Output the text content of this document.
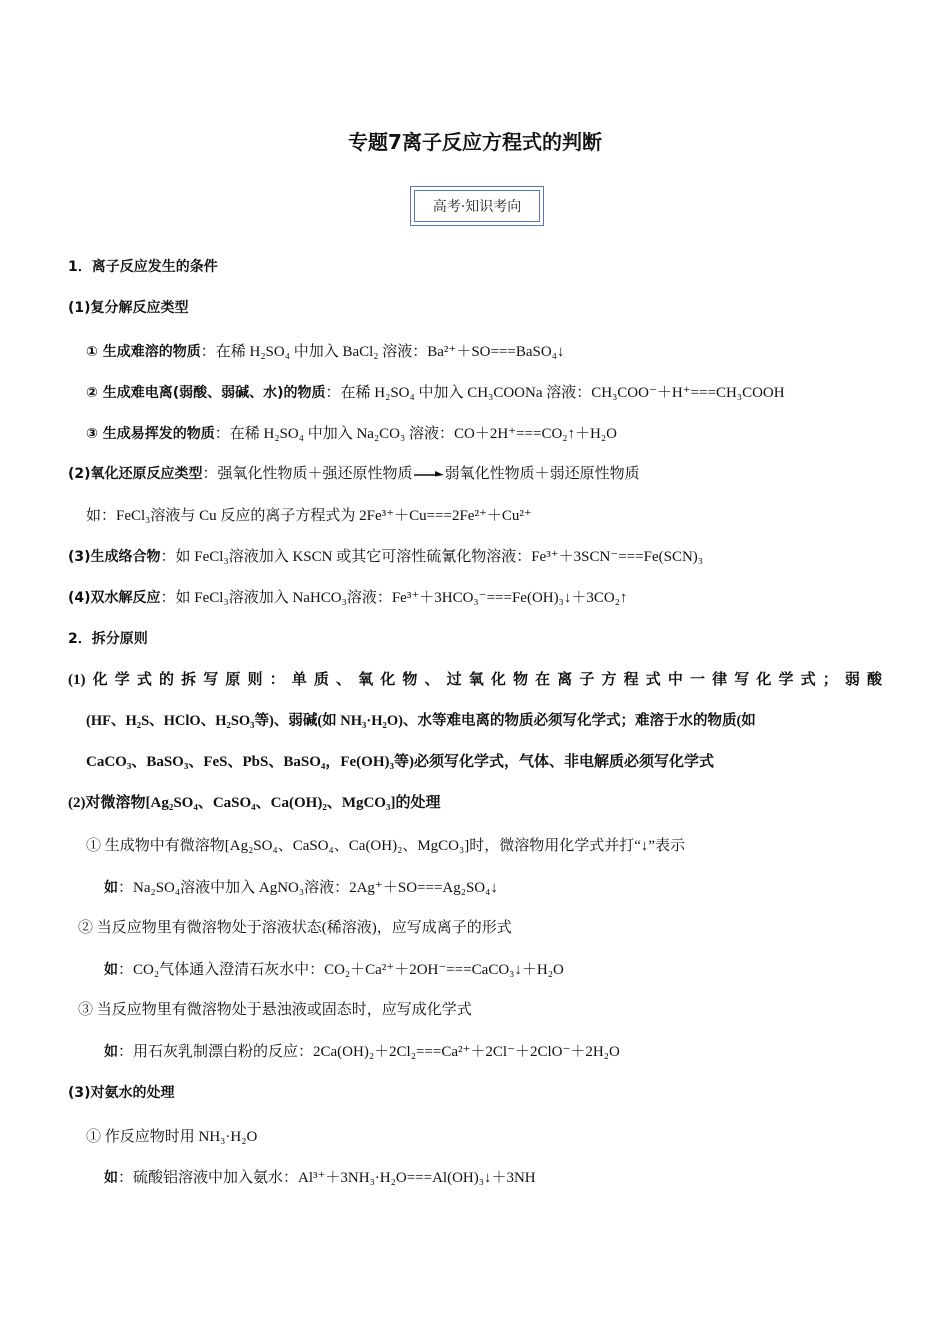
专题7离子反应方程式的判断
高考·知识考向
1．离子反应发生的条件
(1)复分解反应类型
① 生成难溶的物质：在稀 H₂SO₄ 中加入 BaCl₂ 溶液：Ba²⁺＋SO===BaSO₄↓
② 生成难电离(弱酸、弱碱、水)的物质：在稀 H₂SO₄ 中加入 CH₃COONa 溶液：CH₃COO⁻＋H⁺===CH₃COOH
③ 生成易挥发的物质：在稀 H₂SO₄ 中加入 Na₂CO₃ 溶液：CO＋2H⁺===CO₂↑＋H₂O
(2)氧化还原反应类型：强氧化性物质＋强还原性物质→弱氧化性物质＋弱还原性物质
如：FeCl₃溶液与 Cu 反应的离子方程式为 2Fe³⁺＋Cu===2Fe²⁺＋Cu²⁺
(3)生成络合物：如 FeCl₃溶液加入 KSCN 或其它可溶性硫氰化物溶液：Fe³⁺＋3SCN⁻===Fe(SCN)₃
(4)双水解反应：如 FeCl₃溶液加入 NaHCO₃溶液：Fe³⁺＋3HCO₃⁻===Fe(OH)₃↓＋3CO₂↑
2．拆分原则
(1) 化 学 式 的 拆 写 原 则 ： 单 质 、 氧 化 物 、 过 氧 化 物 在 离 子 方 程 式 中 一 律 写 化 学 式 ； 弱 酸
(HF、H₂S、HClO、H₂SO₃等)、弱碱(如 NH₃·H₂O)、水等难电离的物质必须写化学式；难溶于水的物质(如
CaCO₃、BaSO₃、FeS、PbS、BaSO₄，Fe(OH)₃等)必须写化学式，气体、非电解质必须写化学式
(2)对微溶物[Ag₂SO₄、CaSO₄、Ca(OH)₂、MgCO₃]的处理
① 生成物中有微溶物[Ag₂SO₄、CaSO₄、Ca(OH)₂、MgCO₃]时，微溶物用化学式并打“↓”表示
如：Na₂SO₄溶液中加入 AgNO₃溶液：2Ag⁺＋SO===Ag₂SO₄↓
② 当反应物里有微溶物处于溶液状态(稀溶液)，应写成离子的形式
如：CO₂气体通入澄清石灰水中：CO₂＋Ca²⁺＋2OH⁻===CaCO₃↓＋H₂O
③ 当反应物里有微溶物处于悬浊液或固态时，应写成化学式
如：用石灰乳制漂白粉的反应：2Ca(OH)₂＋2Cl₂===Ca²⁺＋2Cl⁻＋2ClO⁻＋2H₂O
(3)对氨水的处理
① 作反应物时用 NH₃·H₂O
如：硫酸铝溶液中加入氨水：Al³⁺＋3NH₃·H₂O===Al(OH)₃↓＋3NH
